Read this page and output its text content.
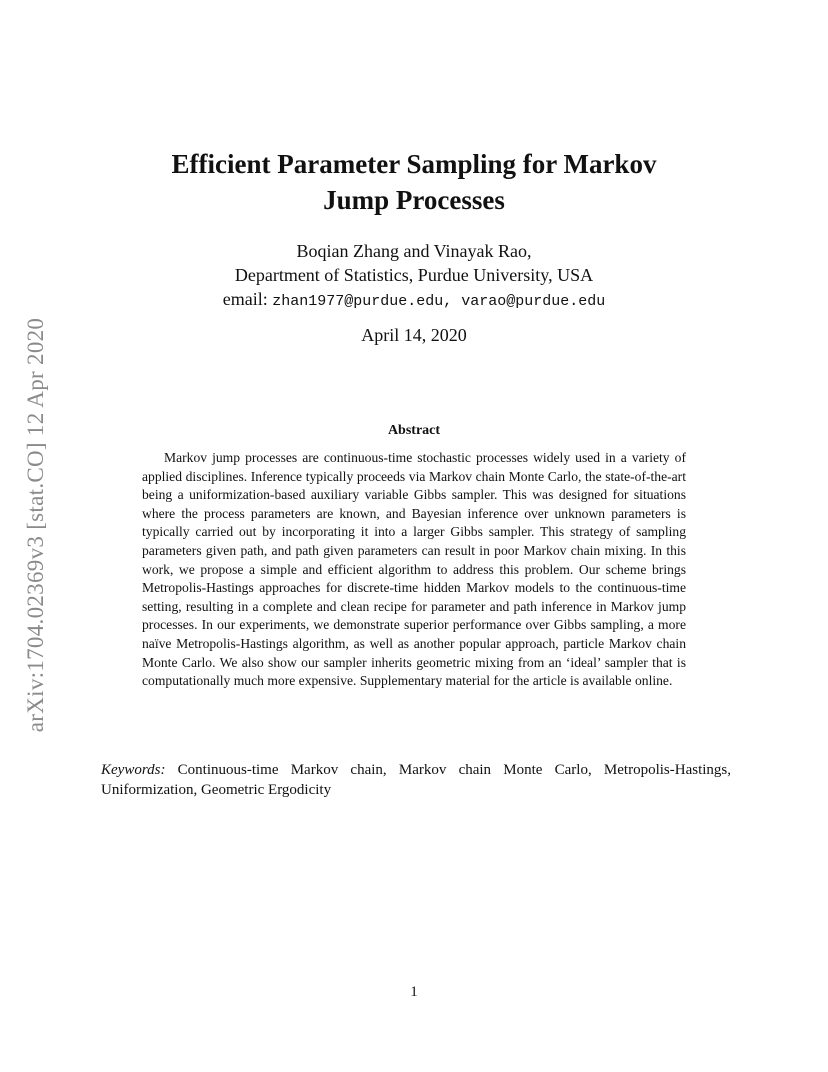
arXiv:1704.02369v3 [stat.CO] 12 Apr 2020
Efficient Parameter Sampling for Markov
Jump Processes
Boqian Zhang and Vinayak Rao,
Department of Statistics, Purdue University, USA
email: zhan1977@purdue.edu, varao@purdue.edu
April 14, 2020
Abstract
Markov jump processes are continuous-time stochastic processes widely used in a variety of applied disciplines. Inference typically proceeds via Markov chain Monte Carlo, the state-of-the-art being a uniformization-based auxiliary variable Gibbs sampler. This was designed for situations where the process parameters are known, and Bayesian inference over unknown parameters is typically carried out by incorporating it into a larger Gibbs sampler. This strategy of sampling parameters given path, and path given parameters can result in poor Markov chain mixing. In this work, we propose a simple and efficient algorithm to address this problem. Our scheme brings Metropolis-Hastings approaches for discrete-time hidden Markov models to the continuous-time setting, resulting in a complete and clean recipe for parameter and path inference in Markov jump processes. In our experiments, we demonstrate superior performance over Gibbs sampling, a more naïve Metropolis-Hastings algorithm, as well as another popular approach, particle Markov chain Monte Carlo. We also show our sampler inherits geometric mixing from an ‘ideal’ sampler that is computationally much more expensive. Supplementary material for the article is available online.
Keywords: Continuous-time Markov chain, Markov chain Monte Carlo, Metropolis-Hastings, Uniformization, Geometric Ergodicity
1
